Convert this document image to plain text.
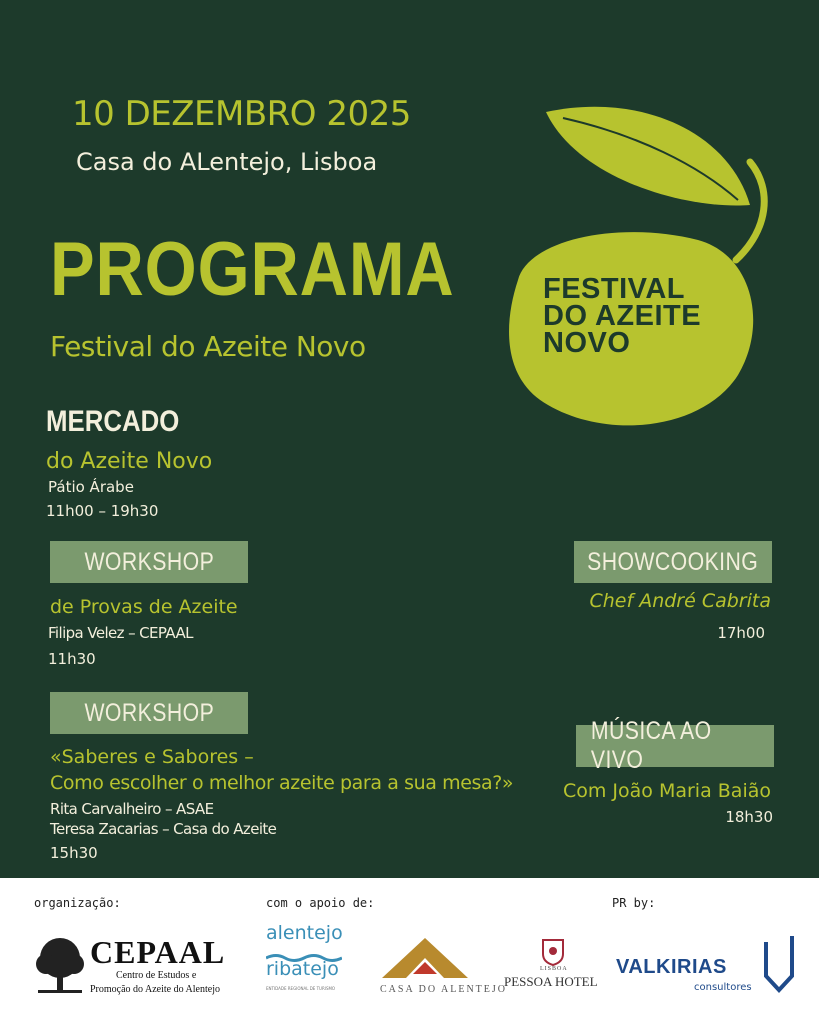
10 DEZEMBRO 2025
Casa do ALentejo, Lisboa
PROGRAMA
Festival do Azeite Novo
FESTIVAL
DO AZEITE
NOVO
MERCADO
do Azeite Novo
Pátio Árabe
11h00 – 19h30
WORKSHOP
de Provas de Azeite
Filipa Velez – CEPAAL
11h30
WORKSHOP
«Saberes e Sabores –
Como escolher o melhor azeite para a sua mesa?»
Rita Carvalheiro – ASAE
Teresa Zacarias – Casa do Azeite
15h30
SHOWCOOKING
Chef André Cabrita
17h00
MÚSICA AO VIVO
Com João Maria Baião
18h30
organização:	com o apoio de:	PR by:
CEPAAL
Centro de Estudos e
Promoção do Azeite do Alentejo
alentejo
ribatejo
ENTIDADE REGIONAL DE TURISMO	CASA DO ALENTEJO
LISBOA
PESSOA HOTEL
VALKIRIAS
consultores
